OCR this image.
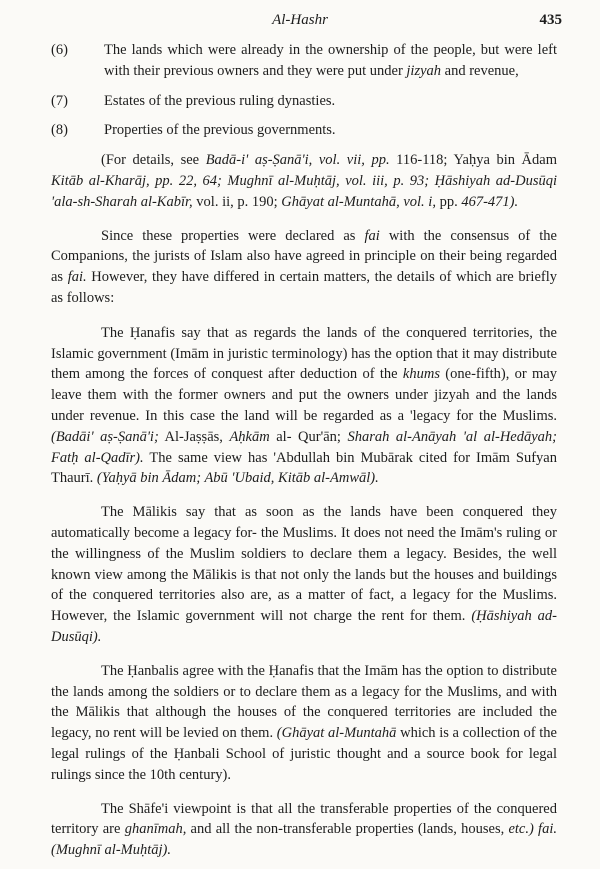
Al-Hashr	435
(6)	The lands which were already in the ownership of the people, but were left with their previous owners and they were put under jizyah and revenue,

(7)	Estates of the previous ruling dynasties.

(8)	Properties of the previous governments.

(For details, see Badā-i' aṣ-Ṣanā'i, vol. vii, pp. 116-118; Yaḥya bin Ādam Kitāb al-Kharāj, pp. 22, 64; Mughnī al-Muḥtāj, vol. iii, p. 93; Ḥāshiyah ad-Dusūqi 'ala-sh-Sharah al-Kabīr, vol. ii, p. 190; Ghāyat al-Muntahā, vol. i, pp. 467-471).

Since these properties were declared as fai with the consensus of the Companions, the jurists of Islam also have agreed in principle on their being regarded as fai. However, they have differed in certain matters, the details of which are briefly as follows:

The Ḥanafis say that as regards the lands of the conquered territories, the Islamic government (Imām in juristic terminology) has the option that it may distribute them among the forces of conquest after deduction of the khums (one-fifth), or may leave them with the former owners and put the owners under jizyah and the lands under revenue. In this case the land will be regarded as a 'legacy for the Muslims. (Badāi' aṣ-Ṣanā'i; Al-Jaṣṣās, Aḥkām al- Qur'ān; Sharah al-Anāyah 'al al-Hedāyah; Fatḥ al-Qadīr). The same view has 'Abdullah bin Mubārak cited for Imām Sufyan Thaurī. (Yaḥyā bin Ādam; Abū 'Ubaid, Kitāb al-Amwāl).

The Mālikis say that as soon as the lands have been conquered they automatically become a legacy for- the Muslims. It does not need the Imām's ruling or the willingness of the Muslim soldiers to declare them a legacy. Besides, the well known view among the Mālikis is that not only the lands but the houses and buildings of the conquered territories also are, as a matter of fact, a legacy for the Muslims. However, the Islamic government will not charge the rent for them. (Ḥāshiyah ad-Dusūqi).

The Ḥanbalis agree with the Ḥanafis that the Imām has the option to distribute the lands among the soldiers or to declare them as a legacy for the Muslims, and with the Mālikis that although the houses of the conquered territories are included the legacy, no rent will be levied on them. (Ghāyat al-Muntahā which is a collection of the legal rulings of the Ḥanbali School of juristic thought and a source book for legal rulings since the 10th century).

The Shāfe'i viewpoint is that all the transferable properties of the conquered territory are ghanīmah, and all the non-transferable properties (lands, houses, etc.) fai. (Mughnī al-Muḥtāj).
